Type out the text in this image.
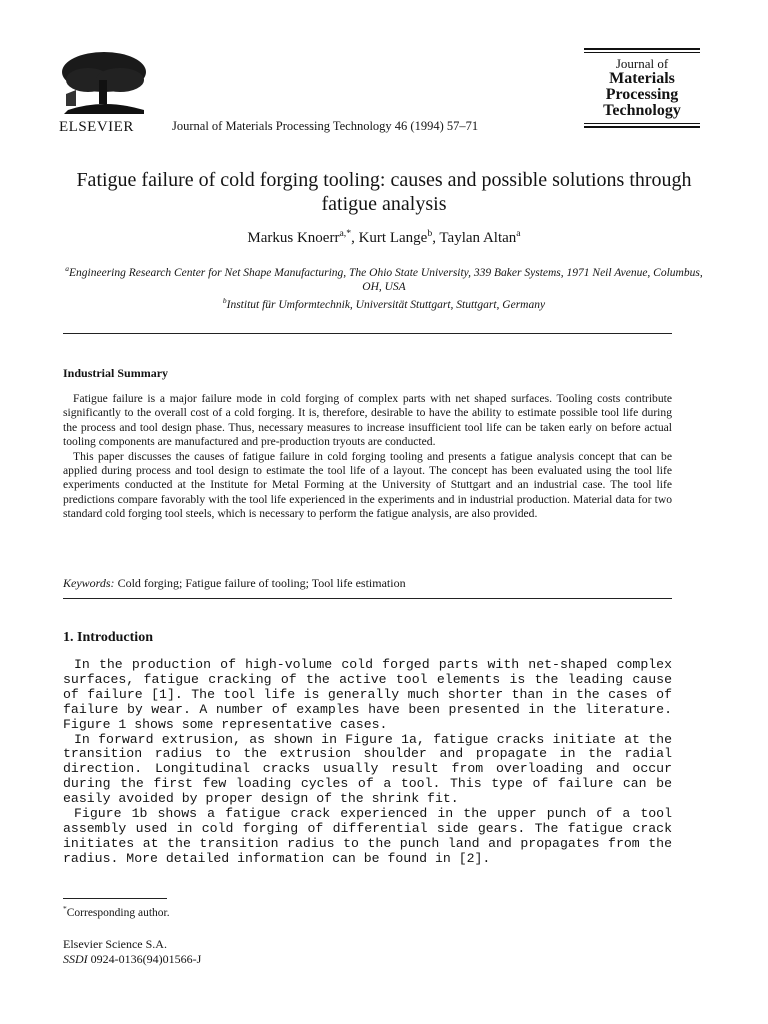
ELSEVIER	Journal of Materials Processing Technology 46 (1994) 57–71
Journal of
Materials
Processing
Technology
Fatigue failure of cold forging tooling: causes and possible solutions through fatigue analysis
Markus Knoerr$^{a,*}$, Kurt Lange$^b$, Taylan Altan$^a$
$^a$Engineering Research Center for Net Shape Manufacturing, The Ohio State University, 339 Baker Systems, 1971 Neil Avenue, Columbus, OH, USA
$^b$Institut für Umformtechnik, Universität Stuttgart, Stuttgart, Germany
Industrial Summary

Fatigue failure is a major failure mode in cold forging of complex parts with net shaped surfaces. Tooling costs contribute significantly to the overall cost of a cold forging. It is, therefore, desirable to have the ability to estimate possible tool life during the process and tool design phase. Thus, necessary measures to increase insufficient tool life can be taken early on before actual tooling components are manufactured and pre-production tryouts are conducted.

This paper discusses the causes of fatigue failure in cold forging tooling and presents a fatigue analysis concept that can be applied during process and tool design to estimate the tool life of a layout. The concept has been evaluated using the tool life experiments conducted at the Institute for Metal Forming at the University of Stuttgart and an industrial case. The tool life predictions compare favorably with the tool life experienced in the experiments and in industrial production. Material data for two standard cold forging tool steels, which is necessary to perform the fatigue analysis, are also provided.

Keywords: Cold forging; Fatigue failure of tooling; Tool life estimation
1. Introduction

In the production of high-volume cold forged parts with net-shaped complex surfaces, fatigue cracking of the active tool elements is the leading cause of failure [1]. The tool life is generally much shorter than in the cases of failure by wear. A number of examples have been presented in the literature. Figure 1 shows some representative cases.

In forward extrusion, as shown in Figure 1a, fatigue cracks initiate at the transition radius to the extrusion shoulder and propagate in the radial direction. Longitudinal cracks usually result from overloading and occur during the first few loading cycles of a tool. This type of failure can be easily avoided by proper design of the shrink fit.

Figure 1b shows a fatigue crack experienced in the upper punch of a tool assembly used in cold forging of differential side gears. The fatigue crack initiates at the transition radius to the punch land and propagates from the radius. More detailed information can be found in [2].

*Corresponding author.
Elsevier Science S.A.
SSDI 0924-0136(94)01566-J
